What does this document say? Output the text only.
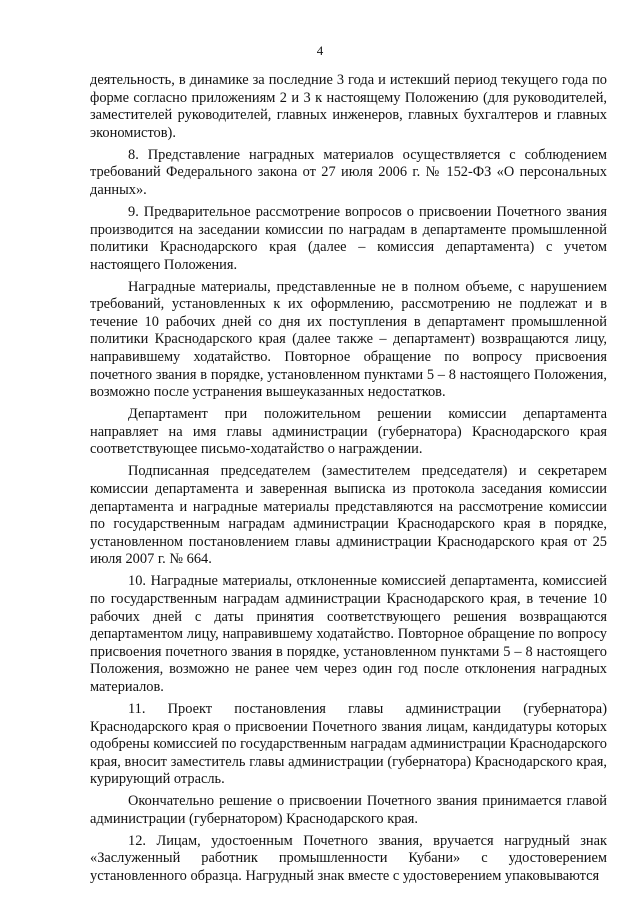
4

деятельность, в динамике за последние 3 года и истекший период текущего года по форме согласно приложениям 2 и 3 к настоящему Положению (для руководителей, заместителей руководителей, главных инженеров, главных бухгалтеров и главных экономистов).

8. Представление наградных материалов осуществляется с соблюдением требований Федерального закона от 27 июля 2006 г. № 152-ФЗ «О персональных данных».

9. Предварительное рассмотрение вопросов о присвоении Почетного звания производится на заседании комиссии по наградам в департаменте промышленной политики Краснодарского края (далее – комиссия департамента) с учетом настоящего Положения.

Наградные материалы, представленные не в полном объеме, с нарушением требований, установленных к их оформлению, рассмотрению не подлежат и в течение 10 рабочих дней со дня их поступления в департамент промышленной политики Краснодарского края (далее также – департамент) возвращаются лицу, направившему ходатайство. Повторное обращение по вопросу присвоения почетного звания в порядке, установленном пунктами 5 – 8 настоящего Положения, возможно после устранения вышеуказанных недостатков.

Департамент при положительном решении комиссии департамента направляет на имя главы администрации (губернатора) Краснодарского края соответствующее письмо-ходатайство о награждении.

Подписанная председателем (заместителем председателя) и секретарем комиссии департамента и заверенная выписка из протокола заседания комиссии департамента и наградные материалы представляются на рассмотрение комиссии по государственным наградам администрации Краснодарского края в порядке, установленном постановлением главы администрации Краснодарского края от 25 июля 2007 г. № 664.

10. Наградные материалы, отклоненные комиссией департамента, комиссией по государственным наградам администрации Краснодарского края, в течение 10 рабочих дней с даты принятия соответствующего решения возвращаются департаментом лицу, направившему ходатайство. Повторное обращение по вопросу присвоения почетного звания в порядке, установленном пунктами 5 – 8 настоящего Положения, возможно не ранее чем через один год после отклонения наградных материалов.

11. Проект постановления главы администрации (губернатора) Краснодарского края о присвоении Почетного звания лицам, кандидатуры которых одобрены комиссией по государственным наградам администрации Краснодарского края, вносит заместитель главы администрации (губернатора) Краснодарского края, курирующий отрасль.

Окончательно решение о присвоении Почетного звания принимается главой администрации (губернатором) Краснодарского края.

12. Лицам, удостоенным Почетного звания, вручается нагрудный знак «Заслуженный работник промышленности Кубани» с удостоверением установленного образца. Нагрудный знак вместе с удостоверением упаковываются
